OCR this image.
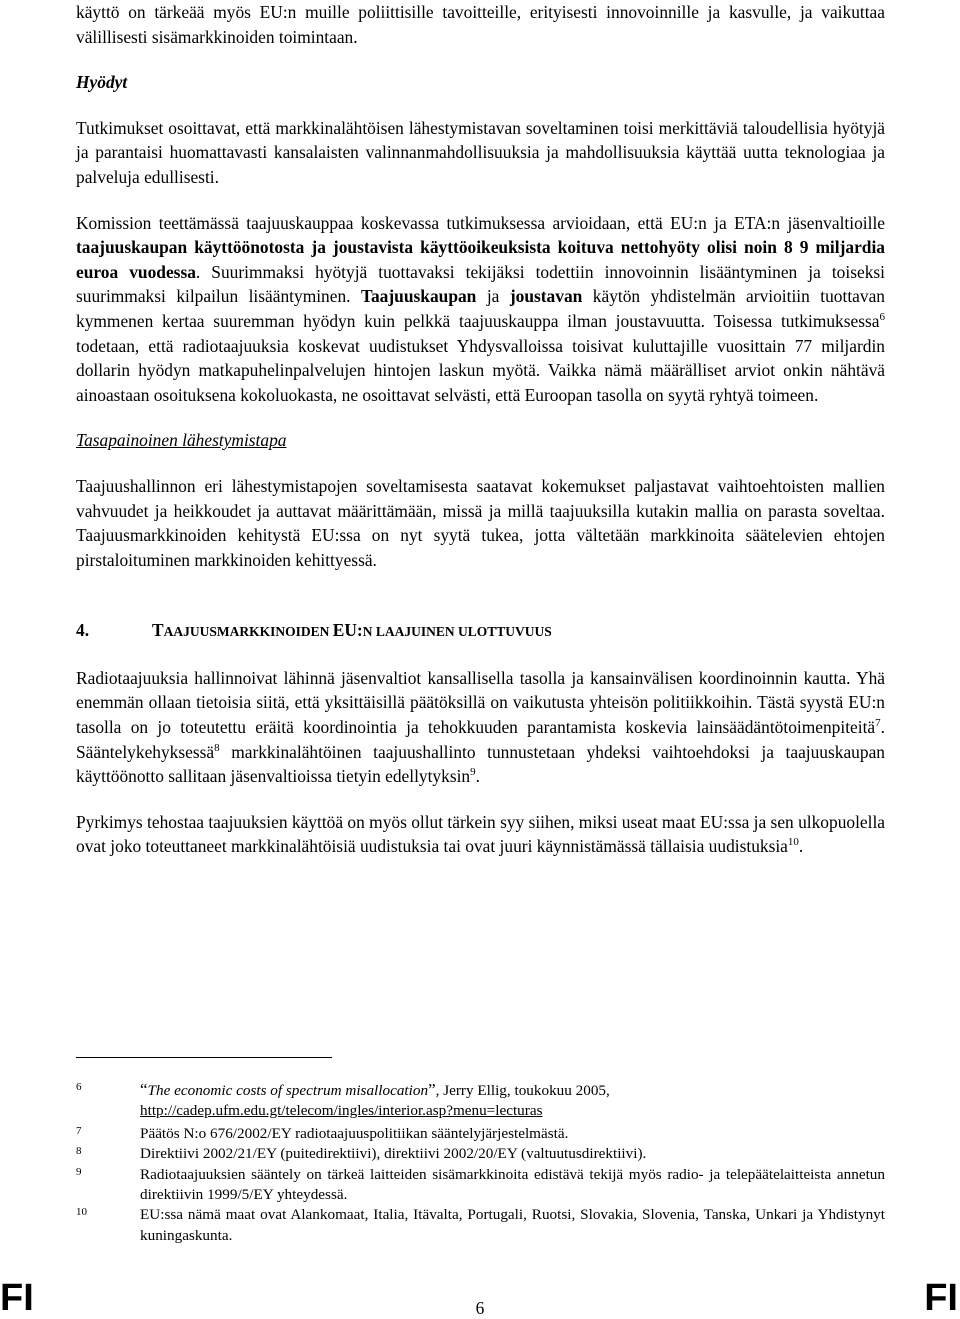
käyttö on tärkeää myös EU:n muille poliittisille tavoitteille, erityisesti innovoinnille ja kasvulle, ja vaikuttaa välillisesti sisämarkkinoiden toimintaan.

Hyödyt

Tutkimukset osoittavat, että markkinalähtöisen lähestymistavan soveltaminen toisi merkittäviä taloudellisia hyötyjä ja parantaisi huomattavasti kansalaisten valinnanmahdollisuuksia ja mahdollisuuksia käyttää uutta teknologiaa ja palveluja edullisesti.

Komission teettämässä taajuuskauppaa koskevassa tutkimuksessa arvioidaan, että EU:n ja ETA:n jäsenvaltioille taajuuskaupan käyttöönotosta ja joustavista käyttöoikeuksista koituva nettohyöty olisi noin 8 9 miljardia euroa vuodessa. Suurimmaksi hyötyjä tuottavaksi tekijäksi todettiin innovoinnin lisääntyminen ja toiseksi suurimmaksi kilpailun lisääntyminen. Taajuuskaupan ja joustavan käytön yhdistelmän arvioitiin tuottavan kymmenen kertaa suuremman hyödyn kuin pelkkä taajuuskauppa ilman joustavuutta. Toisessa tutkimuksessa$^6$ todetaan, että radiotaajuuksia koskevat uudistukset Yhdysvalloissa toisivat kuluttajille vuosittain 77 miljardin dollarin hyödyn matkapuhelinpalvelujen hintojen laskun myötä. Vaikka nämä määrälliset arviot onkin nähtävä ainoastaan osoituksena kokoluokasta, ne osoittavat selvästi, että Euroopan tasolla on syytä ryhtyä toimeen.

Tasapainoinen lähestymistapa

Taajuushallinnon eri lähestymistapojen soveltamisesta saatavat kokemukset paljastavat vaihtoehtoisten mallien vahvuudet ja heikkoudet ja auttavat määrittämään, missä ja millä taajuuksilla kutakin mallia on parasta soveltaa. Taajuusmarkkinoiden kehitystä EU:ssa on nyt syytä tukea, jotta vältetään markkinoita säätelevien ehtojen pirstaloituminen markkinoiden kehittyessä.

4.	TAAJUUSMARKKINOIDEN EU:N LAAJUINEN ULOTTUVUUS

Radiotaajuuksia hallinnoivat lähinnä jäsenvaltiot kansallisella tasolla ja kansainvälisen koordinoinnin kautta. Yhä enemmän ollaan tietoisia siitä, että yksittäisillä päätöksillä on vaikutusta yhteisön politiikkoihin. Tästä syystä EU:n tasolla on jo toteutettu eräitä koordinointia ja tehokkuuden parantamista koskevia lainsäädäntötoimenpiteitä$^7$. Sääntelykehyksessä$^8$ markkinalähtöinen taajuushallinto tunnustetaan yhdeksi vaihtoehdoksi ja taajuuskaupan käyttöönotto sallitaan jäsenvaltioissa tietyin edellytyksin$^9$.

Pyrkimys tehostaa taajuuksien käyttöä on myös ollut tärkein syy siihen, miksi useat maat EU:ssa ja sen ulkopuolella ovat joko toteuttaneet markkinalähtöisiä uudistuksia tai ovat juuri käynnistämässä tällaisia uudistuksia$^{10}$.

6	“The economic costs of spectrum misallocation”, Jerry Ellig, toukokuu 2005,
http://cadep.ufm.edu.gt/telecom/ingles/interior.asp?menu=lecturas
7	Päätös N:o 676/2002/EY radiotaajuuspolitiikan sääntelyjärjestelmästä.
8	Direktiivi 2002/21/EY (puitedirektiivi), direktiivi 2002/20/EY (valtuutusdirektiivi).
9	Radiotaajuuksien sääntely on tärkeä laitteiden sisämarkkinoita edistävä tekijä myös radio- ja telepäätelaitteista annetun direktiivin 1999/5/EY yhteydessä.
10	EU:ssa nämä maat ovat Alankomaat, Italia, Itävalta, Portugali, Ruotsi, Slovakia, Slovenia, Tanska, Unkari ja Yhdistynyt kuningaskunta.
FI	6	FI
